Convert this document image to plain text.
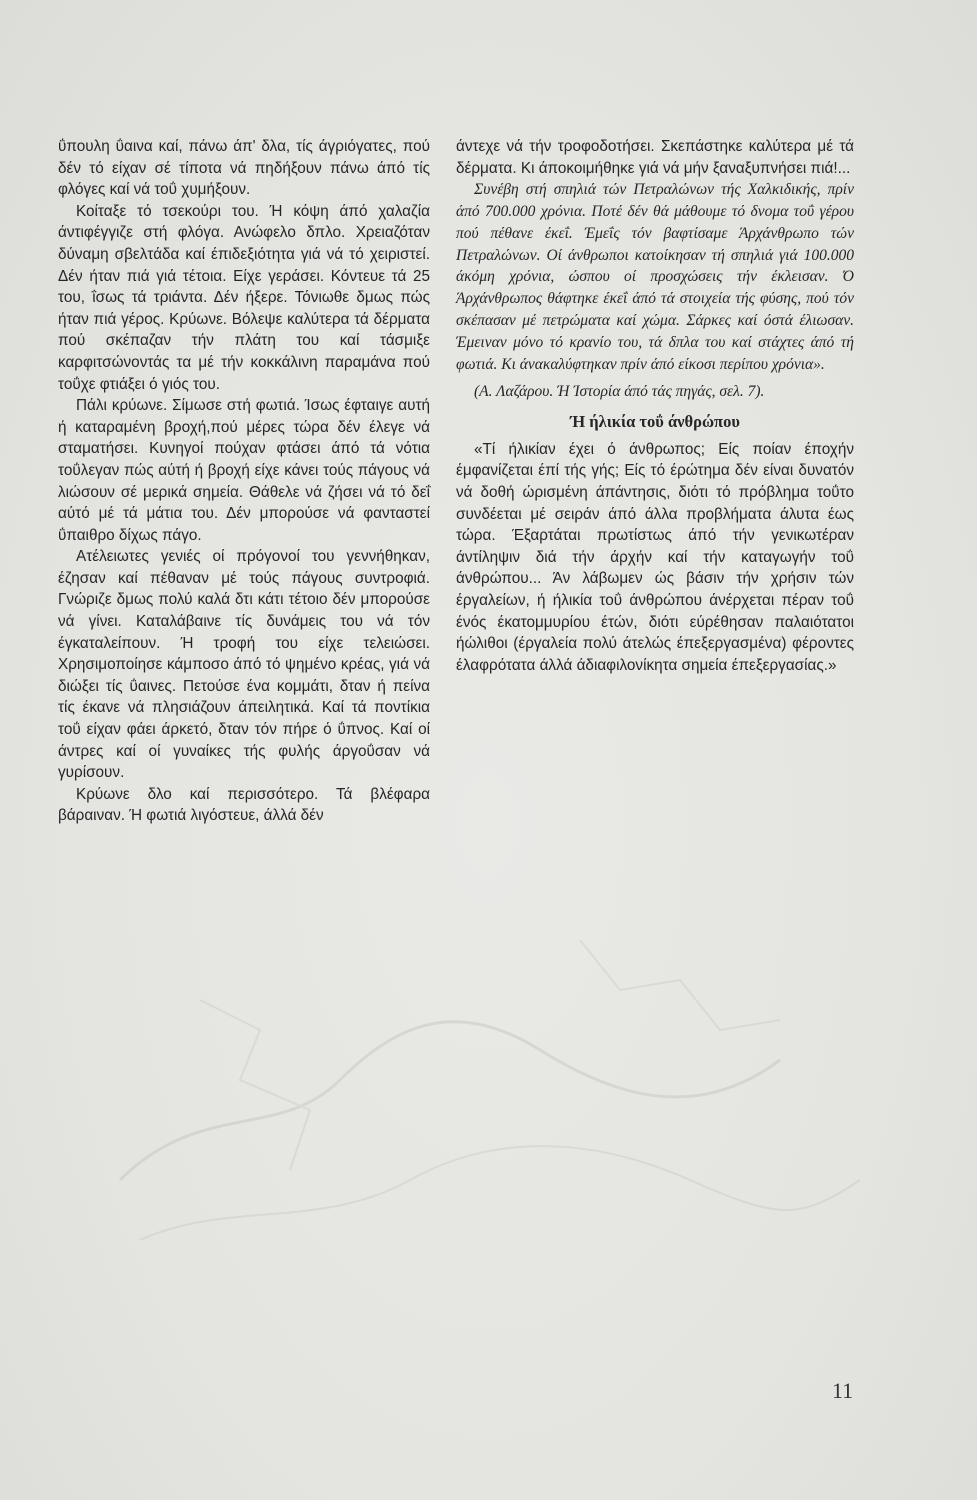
ΰπουλη ΰαινα καί, πάνω άπ' δλα, τίς άγριόγατες, πού δέν τό είχαν σέ τίποτα νά πηδήξουν πάνω άπό τίς φλόγες καί νά τοΰ χυμήξουν.

Κοίταξε τό τσεκούρι του. Ή κόψη άπό χαλαζία άντιφέγγιζε στή φλόγα. Ανώφελο δπλο. Χρειαζόταν δύναμη σβελτάδα καί έπιδεξιότητα γιά νά τό χειριστεί. Δέν ήταν πιά γιά τέτοια. Είχε γεράσει. Κόντευε τά 25 του, ΐσως τά τριάντα. Δέν ήξερε. Τόνιωθε δμως πώς ήταν πιά γέρος. Κρύωνε. Βόλεψε καλύτερα τά δέρματα πού σκέπαζαν τήν πλάτη του καί τάσμιξε καρφιτσώνοντάς τα μέ τήν κοκκάλινη παραμάνα πού τοΰχε φτιάξει ό γιός του.

Πάλι κρύωνε. Σίμωσε στή φωτιά. Ίσως έφταιγε αυτή ή καταραμένη βροχή,πού μέρες τώρα δέν έλεγε νά σταματήσει. Κυνηγοί πούχαν φτάσει άπό τά νότια τοΰλεγαν πώς αύτή ή βροχή είχε κάνει τούς πάγους νά λιώσουν σέ μερικά σημεία. Θάθελε νά ζήσει νά τό δεΐ αύτό μέ τά μάτια του. Δέν μπορούσε νά φανταστεί ΰπαιθρο δίχως πάγο.

Ατέλειωτες γενιές οί πρόγονοί του γεννήθηκαν, έζησαν καί πέθαναν μέ τούς πάγους συντροφιά. Γνώριζε δμως πολύ καλά δτι κάτι τέτοιο δέν μπορούσε νά γίνει. Καταλάβαινε τίς δυνάμεις του νά τόν έγκαταλείπουν. Ή τροφή του είχε τελειώσει. Χρησιμοποίησε κάμποσο άπό τό ψημένο κρέας, γιά νά διώξει τίς ΰαινες. Πετούσε ένα κομμάτι, δταν ή πείνα τίς έκανε νά πλησιάζουν άπειλητικά. Καί τά ποντίκια τοΰ είχαν φάει άρκετό, δταν τόν πήρε ό ΰπνος. Καί οί άντρες καί οί γυναίκες τής φυλής άργοΰσαν νά γυρίσουν.

Κρύωνε δλο καί περισσότερο. Τά βλέφαρα βάραιναν. Ή φωτιά λιγόστευε, άλλά δέν

άντεχε νά τήν τροφοδοτήσει. Σκεπάστηκε καλύτερα μέ τά δέρματα. Κι άποκοιμήθηκε γιά νά μήν ξαναξυπνήσει πιά!...

Συνέβη στή σπηλιά τών Πετραλώνων τής Χαλκιδικής, πρίν άπό 700.000 χρόνια. Ποτέ δέν θά μάθουμε τό δνομα τοΰ γέρου πού πέθανε έκεΐ. Έμεΐς τόν βαφτίσαμε Άρχάνθρωπο τών Πετραλώνων. Οί άνθρωποι κατοίκησαν τή σπηλιά γιά 100.000 άκόμη χρόνια, ώσπου οί προσχώσεις τήν έκλεισαν. Ό Άρχάνθρωπος θάφτηκε έκεΐ άπό τά στοιχεία τής φύσης, πού τόν σκέπασαν μέ πετρώματα καί χώμα. Σάρκες καί όστά έλιωσαν. Έμειναν μόνο τό κρανίο του, τά δπλα του καί στάχτες άπό τή φωτιά. Κι άνακαλύφτηκαν πρίν άπό είκοσι περίπου χρόνια».

(Α. Λαζάρου. Ή Ίστορία άπό τάς πηγάς, σελ. 7).

Ή ήλικία τοΰ άνθρώπου

«Τί ήλικίαν έχει ό άνθρωπος; Είς ποίαν έποχήν έμφανίζεται έπί τής γής; Είς τό έρώτημα δέν είναι δυνατόν νά δοθή ώρισμένη άπάντησις, διότι τό πρόβλημα τοΰτο συνδέεται μέ σειράν άπό άλλα προβλήματα άλυτα έως τώρα. Έξαρτάται πρωτίστως άπό τήν γενικωτέραν άντίληψιν διά τήν άρχήν καί τήν καταγωγήν τοΰ άνθρώπου... Άν λάβωμεν ώς βάσιν τήν χρήσιν τών έργαλείων, ή ήλικία τοΰ άνθρώπου άνέρχεται πέραν τοΰ ένός έκατομμυρίου έτών, διότι εύρέθησαν παλαιότατοι ήώλιθοι (έργαλεία πολύ άτελώς έπεξεργασμένα) φέροντες έλαφρότατα άλλά άδιαφιλονίκητα σημεία έπεξεργασίας.»

11
